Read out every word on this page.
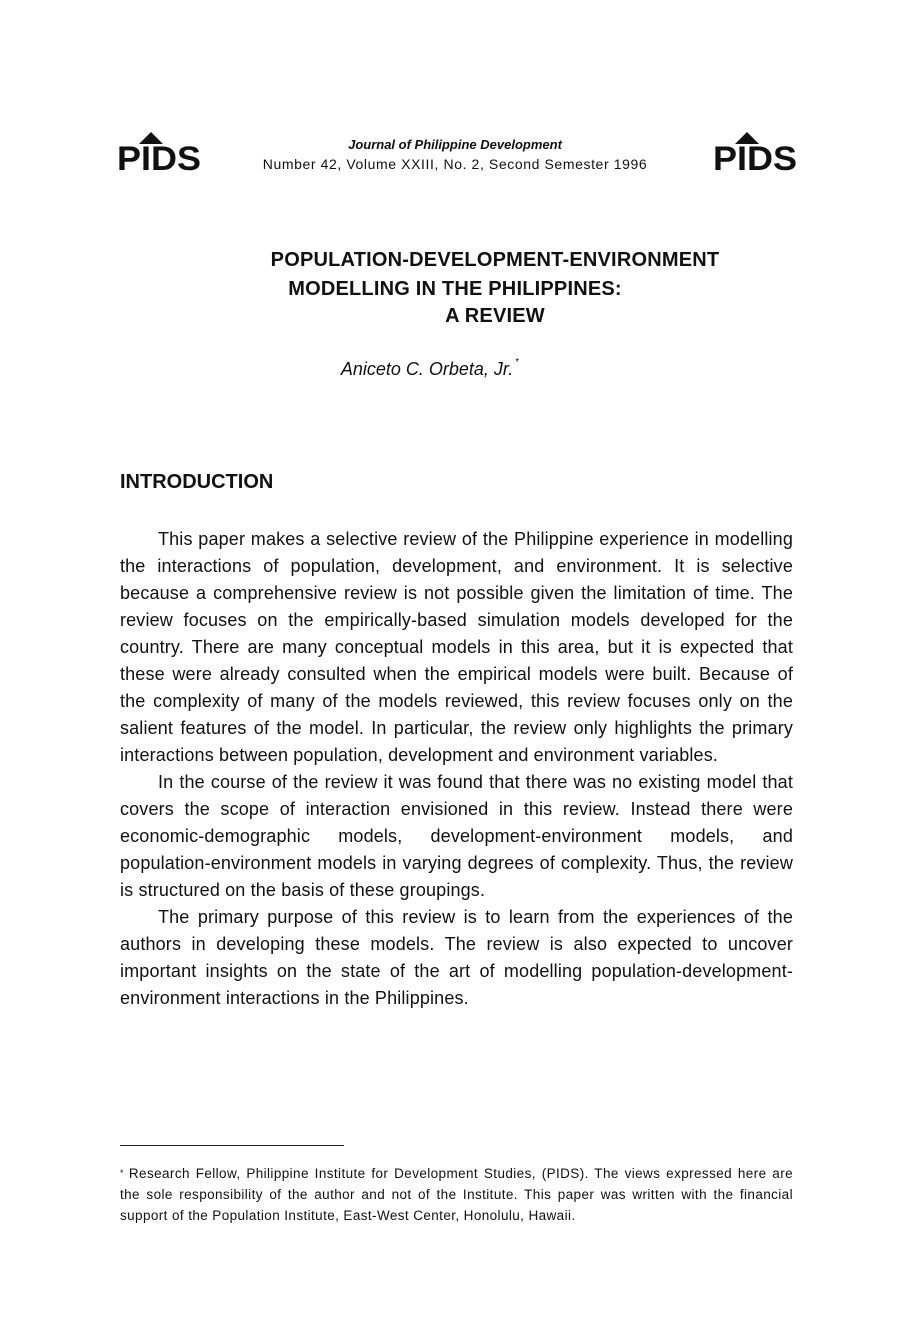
PIDS	Journal of Philippine Development
Number 42, Volume XXIII, No. 2, Second Semester 1996	PIDS
POPULATION-DEVELOPMENT-ENVIRONMENT
MODELLING IN THE PHILIPPINES:
A REVIEW
Aniceto C. Orbeta, Jr. *
INTRODUCTION

This paper makes a selective review of the Philippine experience in modelling the interactions of population, development, and environment. It is selective because a comprehensive review is not possible given the limitation of time. The review focuses on the empirically-based simulation models developed for the country. There are many conceptual models in this area, but it is expected that these were already consulted when the empirical models were built. Because of the complexity of many of the models reviewed, this review focuses only on the salient features of the model. In particular, the review only highlights the primary interactions between population, development and environment variables.

In the course of the review it was found that there was no existing model that covers the scope of interaction envisioned in this review. Instead there were economic-demographic models, development-environment models, and population-environment models in varying degrees of complexity. Thus, the review is structured on the basis of these groupings.

The primary purpose of this review is to learn from the experiences of the authors in developing these models. The review is also expected to uncover important insights on the state of the art of modelling population-development-environment interactions in the Philippines.

* Research Fellow, Philippine Institute for Development Studies, (PIDS). The views expressed here are the sole responsibility of the author and not of the Institute. This paper was written with the financial support of the Population Institute, East-West Center, Honolulu, Hawaii.
